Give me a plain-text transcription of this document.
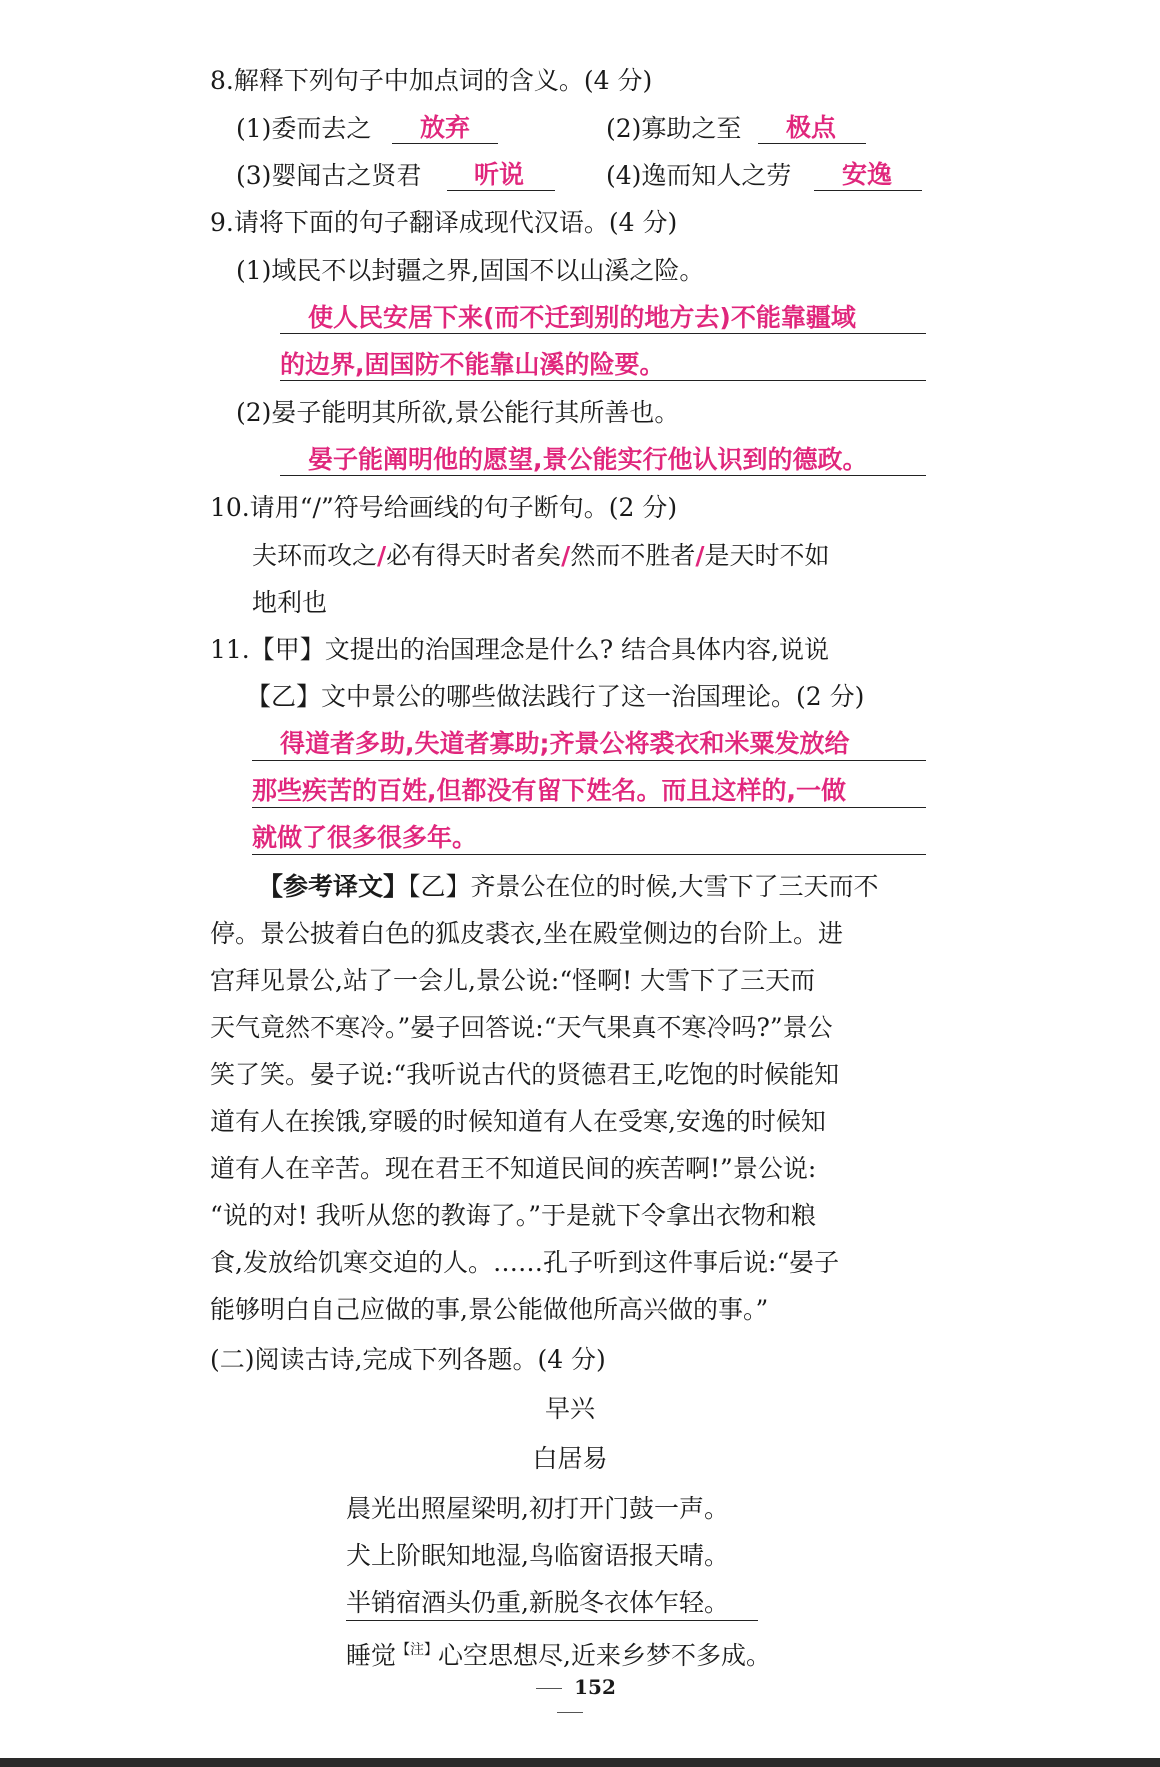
8.解释下列句子中加点词的含义。(4 分)
(1)委而去之 放弃	(2)寡助之至 极点
(3)婴闻古之贤君 听说	(4)逸而知人之劳 安逸
9.请将下面的句子翻译成现代汉语。(4 分)
(1)域民不以封疆之界,固国不以山溪之险。
使人民安居下来(而不迁到别的地方去)不能靠疆域
的边界,固国防不能靠山溪的险要。
(2)晏子能明其所欲,景公能行其所善也。
晏子能阐明他的愿望,景公能实行他认识到的德政。
10.请用“/”符号给画线的句子断句。(2 分)
夫环而攻之/必有得天时者矣/然而不胜者/是天时不如
地利也
11.【甲】文提出的治国理念是什么? 结合具体内容,说说
【乙】文中景公的哪些做法践行了这一治国理论。(2 分)
得道者多助,失道者寡助;齐景公将裘衣和米粟发放给
那些疾苦的百姓,但都没有留下姓名。而且这样的,一做
就做了很多很多年。
【参考译文】【乙】齐景公在位的时候,大雪下了三天而不
停。景公披着白色的狐皮裘衣,坐在殿堂侧边的台阶上。进
宫拜见景公,站了一会儿,景公说:“怪啊! 大雪下了三天而
天气竟然不寒冷。”晏子回答说:“天气果真不寒冷吗?”景公
笑了笑。晏子说:“我听说古代的贤德君王,吃饱的时候能知
道有人在挨饿,穿暖的时候知道有人在受寒,安逸的时候知
道有人在辛苦。现在君王不知道民间的疾苦啊!”景公说:
“说的对! 我听从您的教诲了。”于是就下令拿出衣物和粮
食,发放给饥寒交迫的人。……孔子听到这件事后说:“晏子
能够明白自己应做的事,景公能做他所高兴做的事。”
(二)阅读古诗,完成下列各题。(4 分)
早兴
白居易
晨光出照屋梁明,初打开门鼓一声。
犬上阶眠知地湿,鸟临窗语报天晴。
半销宿酒头仍重,新脱冬衣体乍轻。
睡觉$^{【注】}$心空思想尽,近来乡梦不多成。
152
